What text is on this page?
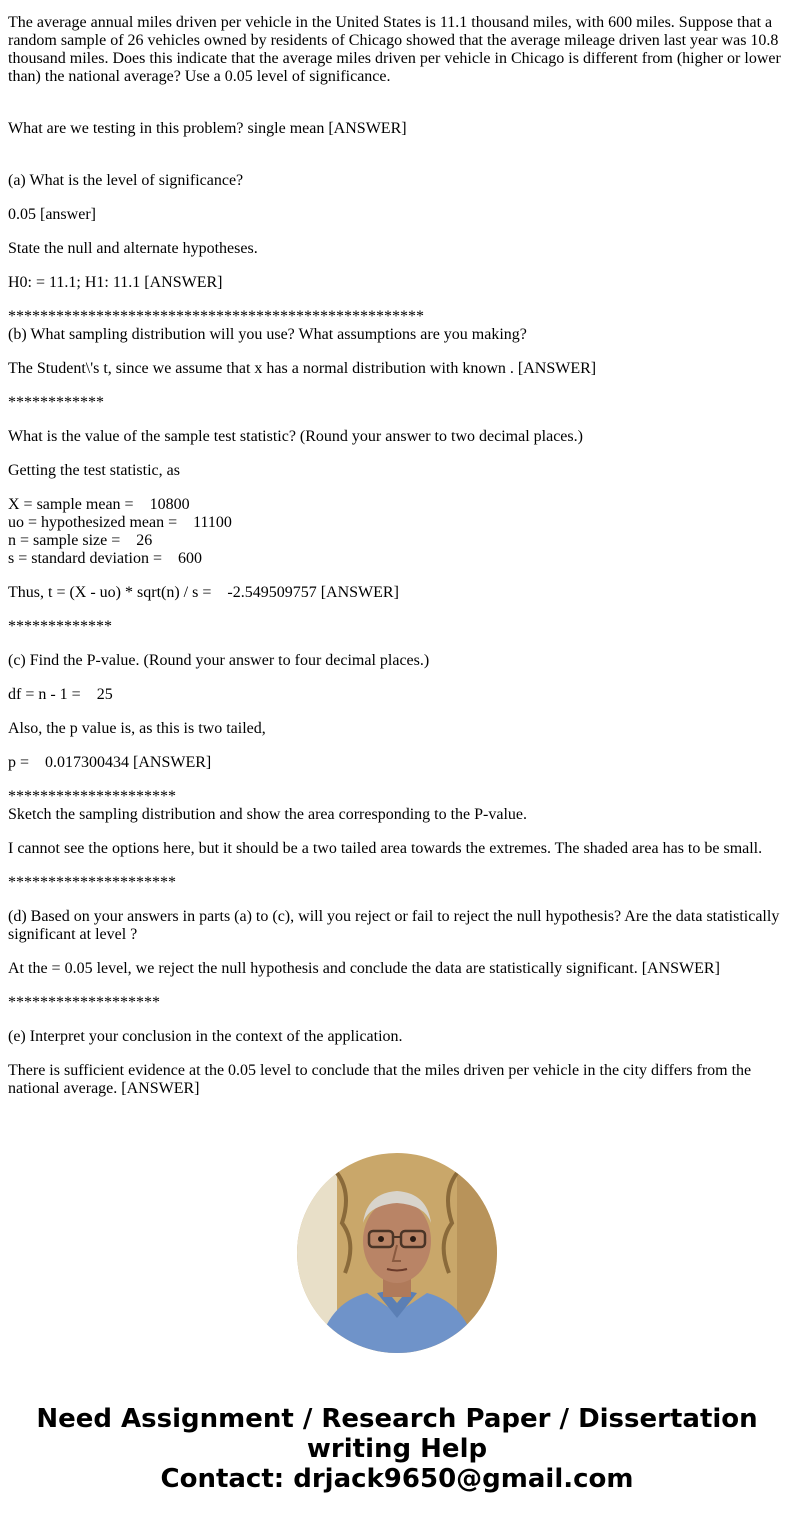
The average annual miles driven per vehicle in the United States is 11.1 thousand miles, with 600 miles. Suppose that a random sample of 26 vehicles owned by residents of Chicago showed that the average mileage driven last year was 10.8 thousand miles. Does this indicate that the average miles driven per vehicle in Chicago is different from (higher or lower than) the national average? Use a 0.05 level of significance.

What are we testing in this problem? single mean [ANSWER]

(a) What is the level of significance?

0.05 [answer]

State the null and alternate hypotheses.

H0: = 11.1; H1: 11.1 [ANSWER]

****************************************************

(b) What sampling distribution will you use? What assumptions are you making?

The Student\'s t, since we assume that x has a normal distribution with known . [ANSWER]

************

What is the value of the sample test statistic? (Round your answer to two decimal places.)

Getting the test statistic, as

X = sample mean =    10800

uo = hypothesized mean =    11100

n = sample size =    26

s = standard deviation =    600

Thus, t = (X - uo) * sqrt(n) / s =    -2.549509757 [ANSWER]

*************

(c) Find the P-value. (Round your answer to four decimal places.)

df = n - 1 =    25

Also, the p value is, as this is two tailed,

p =    0.017300434 [ANSWER]

*********************

Sketch the sampling distribution and show the area corresponding to the P-value.

I cannot see the options here, but it should be a two tailed area towards the extremes. The shaded area has to be small.

*********************

(d) Based on your answers in parts (a) to (c), will you reject or fail to reject the null hypothesis? Are the data statistically significant at level ?

At the = 0.05 level, we reject the null hypothesis and conclude the data are statistically significant. [ANSWER]

*******************

(e) Interpret your conclusion in the context of the application.

There is sufficient evidence at the 0.05 level to conclude that the miles driven per vehicle in the city differs from the national average. [ANSWER]

Need Assignment / Research Paper / Dissertation
writing Help
Contact: drjack9650@gmail.com
